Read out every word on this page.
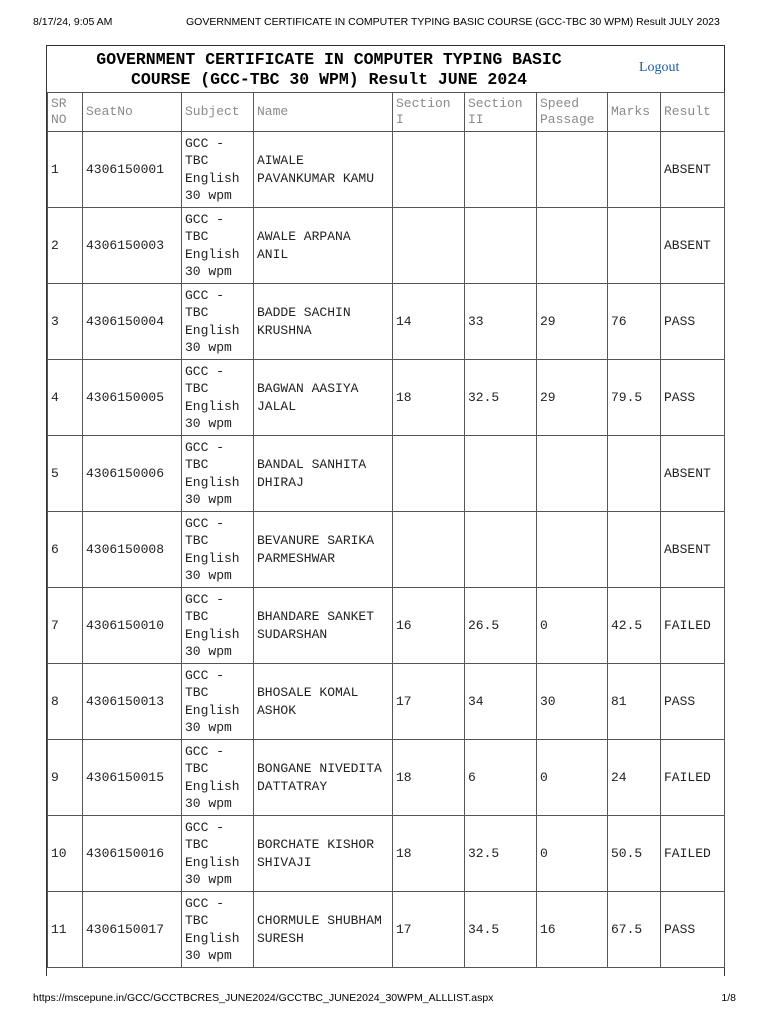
8/17/24, 9:05 AM	GOVERNMENT CERTIFICATE IN COMPUTER TYPING BASIC COURSE (GCC-TBC 30 WPM) Result JULY 2023
GOVERNMENT CERTIFICATE IN COMPUTER TYPING BASIC
COURSE (GCC-TBC 30 WPM) Result JUNE 2024
Logout
SR NO	SeatNo	Subject	Name	Section I	Section II	Speed Passage	Marks	Result
1	4306150001	GCC - TBC English 30 wpm	AIWALE PAVANKUMAR KAMU					ABSENT
2	4306150003	GCC - TBC English 30 wpm	AWALE ARPANA ANIL					ABSENT
3	4306150004	GCC - TBC English 30 wpm	BADDE SACHIN KRUSHNA	14	33	29	76	PASS
4	4306150005	GCC - TBC English 30 wpm	BAGWAN AASIYA JALAL	18	32.5	29	79.5	PASS
5	4306150006	GCC - TBC English 30 wpm	BANDAL SANHITA DHIRAJ					ABSENT
6	4306150008	GCC - TBC English 30 wpm	BEVANURE SARIKA PARMESHWAR					ABSENT
7	4306150010	GCC - TBC English 30 wpm	BHANDARE SANKET SUDARSHAN	16	26.5	0	42.5	FAILED
8	4306150013	GCC - TBC English 30 wpm	BHOSALE KOMAL ASHOK	17	34	30	81	PASS
9	4306150015	GCC - TBC English 30 wpm	BONGANE NIVEDITA DATTATRAY	18	6	0	24	FAILED
10	4306150016	GCC - TBC English 30 wpm	BORCHATE KISHOR SHIVAJI	18	32.5	0	50.5	FAILED
11	4306150017	GCC - TBC English 30 wpm	CHORMULE SHUBHAM SURESH	17	34.5	16	67.5	PASS
https://mscepune.in/GCC/GCCTBCRES_JUNE2024/GCCTBC_JUNE2024_30WPM_ALLLIST.aspx	1/8
